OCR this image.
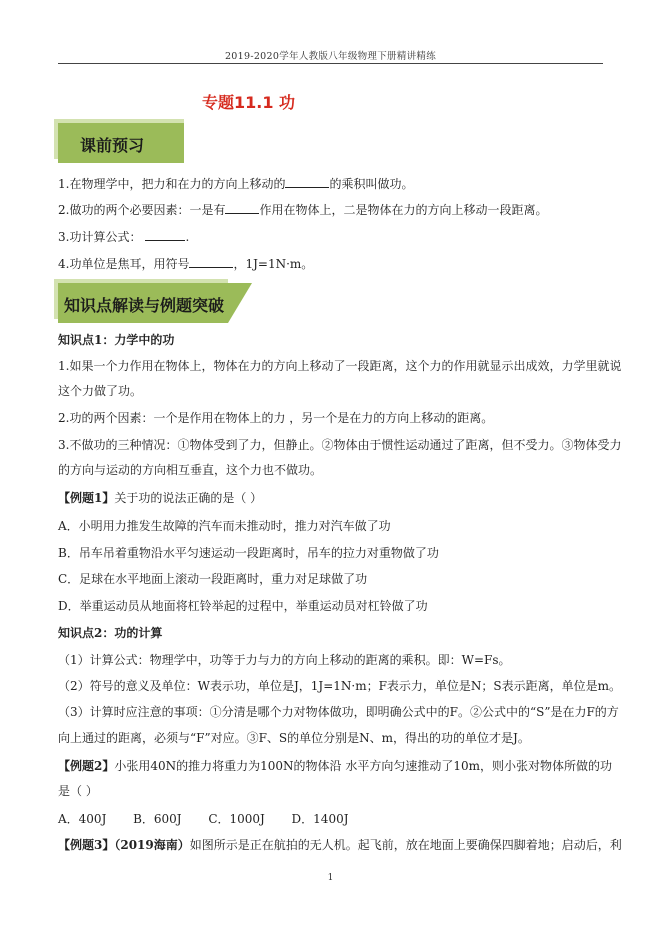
2019-2020学年人教版八年级物理下册精讲精练
专题11.1 功
课前预习
1.在物理学中，把力和在力的方向上移动的	的乘积叫做功。
2.做功的两个必要因素：一是有	作用在物体上，二是物体在力的方向上移动一段距离。
3.功计算公式：	.
4.功单位是焦耳，用符号	，1J=1N·m。
知识点解读与例题突破
知识点1：力学中的功
1.如果一个力作用在物体上，物体在力的方向上移动了一段距离，这个力的作用就显示出成效，力学里就说
这个力做了功。
2.功的两个因素：一个是作用在物体上的力 ，另一个是在力的方向上移动的距离。
3.不做功的三种情况：①物体受到了力，但静止。②物体由于惯性运动通过了距离，但不受力。③物体受力
的方向与运动的方向相互垂直，这个力也不做功。
【例题1】关于功的说法正确的是（ ）
A．小明用力推发生故障的汽车而未推动时，推力对汽车做了功
B．吊车吊着重物沿水平匀速运动一段距离时，吊车的拉力对重物做了功
C．足球在水平地面上滚动一段距离时，重力对足球做了功
D．举重运动员从地面将杠铃举起的过程中，举重运动员对杠铃做了功
知识点2：功的计算
（1）计算公式：物理学中，功等于力与力的方向上移动的距离的乘积。即：W=Fs。
（2）符号的意义及单位：W表示功，单位是J，1J=1N·m；F表示力，单位是N；S表示距离，单位是m。
（3）计算时应注意的事项：①分清是哪个力对物体做功，即明确公式中的F。②公式中的“S”是在力F的方
向上通过的距离，必须与“F”对应。③F、S的单位分别是N、m，得出的功的单位才是J。
【例题2】小张用40N的推力将重力为100N的物体沿 水平方向匀速推动了10m，则小张对物体所做的功
是（ ）
A．400J       B．600J       C．1000J       D．1400J
【例题3】（2019海南）如图所示是正在航拍的无人机。起飞前，放在地面上要确保四脚着地；启动后，利
1
